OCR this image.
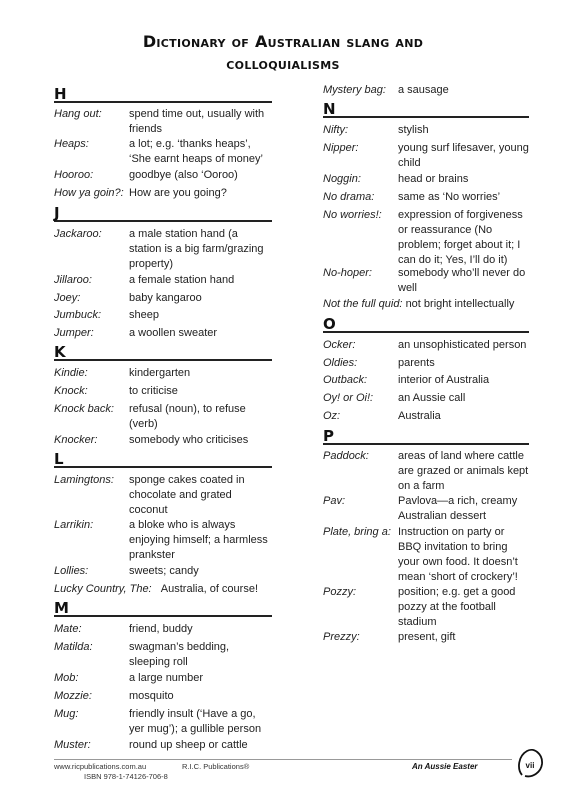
Dictionary of Australian slang and
colloquialisms
H
Hang out: spend time out, usually with friends
Heaps:	a lot; e.g. ‘thanks heaps’, ‘She earnt heaps of money’
Hooroo:	goodbye (also ‘Ooroo)
How ya goin?: How are you going?
J
Jackaroo: a male station hand (a station is a big farm/grazing property)
Jillaroo:	a female station hand
Joey:	baby kangaroo
Jumbuck:	sheep
Jumper:	a woollen sweater
K
Kindie:	kindergarten
Knock:	to criticise
Knock back: refusal (noun), to refuse (verb)
Knocker:	somebody who criticises
L
Lamingtons: sponge cakes coated in chocolate and grated coconut
Larrikin:	a bloke who is always enjoying himself; a harmless prankster
Lollies:	sweets; candy
Lucky Country, The: Australia, of course!
M
Mate:	friend, buddy
Matilda:	swagman’s bedding, sleeping roll
Mob:	a large number
Mozzie:	mosquito
Mug:	friendly insult (‘Have a go, yer mug’); a gullible person
Muster:	round up sheep or cattle
Mystery bag: a sausage
N
Nifty:	stylish
Nipper:	young surf lifesaver, young child
Noggin:	head or brains
No drama: same as ‘No worries’
No worries!: expression of forgiveness or reassurance (No problem; forget about it; I can do it; Yes, I’ll do it)
No-hoper: somebody who’ll never do well
Not the full quid: not bright intellectually
O
Ocker:	an unsophisticated person
Oldies:	parents
Outback:	interior of Australia
Oy! or Oi!: an Aussie call
Oz:	Australia
P
Paddock:	areas of land where cattle are grazed or animals kept on a farm
Pav:	Pavlova—a rich, creamy Australian dessert
Plate, bring a: Instruction on party or BBQ invitation to bring your own food. It doesn’t mean ‘short of crockery’!
Pozzy:	position; e.g. get a good pozzy at the football stadium
Prezzy:	present, gift
www.ricpublications.com.au	R.I.C. Publications®
ISBN 978-1-74126-706-8
An Aussie Easter	vii
